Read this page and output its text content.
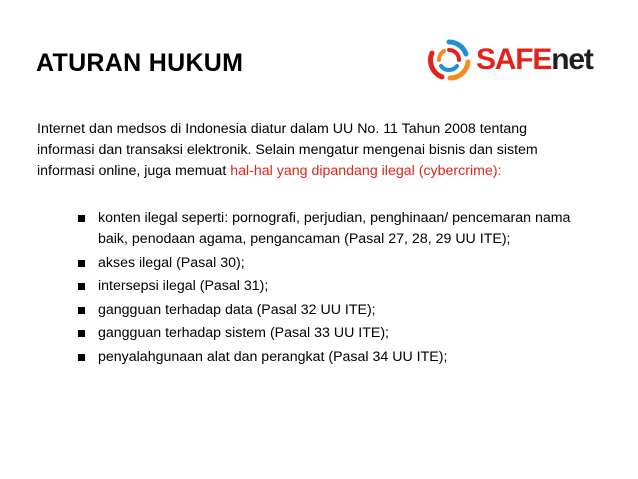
ATURAN HUKUM	SAFEnet

Internet dan medsos di Indonesia diatur dalam UU No. 11 Tahun 2008 tentang informasi dan transaksi elektronik. Selain mengatur mengenai bisnis dan sistem informasi online, juga memuat hal-hal yang dipandang ilegal (cybercrime):

konten ilegal seperti: pornografi, perjudian, penghinaan/ pencemaran nama baik, penodaan agama, pengancaman (Pasal 27, 28, 29 UU ITE);
akses ilegal (Pasal 30);
intersepsi ilegal (Pasal 31);
gangguan terhadap data (Pasal 32 UU ITE);
gangguan terhadap sistem (Pasal 33 UU ITE);
penyalahgunaan alat dan perangkat (Pasal 34 UU ITE);
